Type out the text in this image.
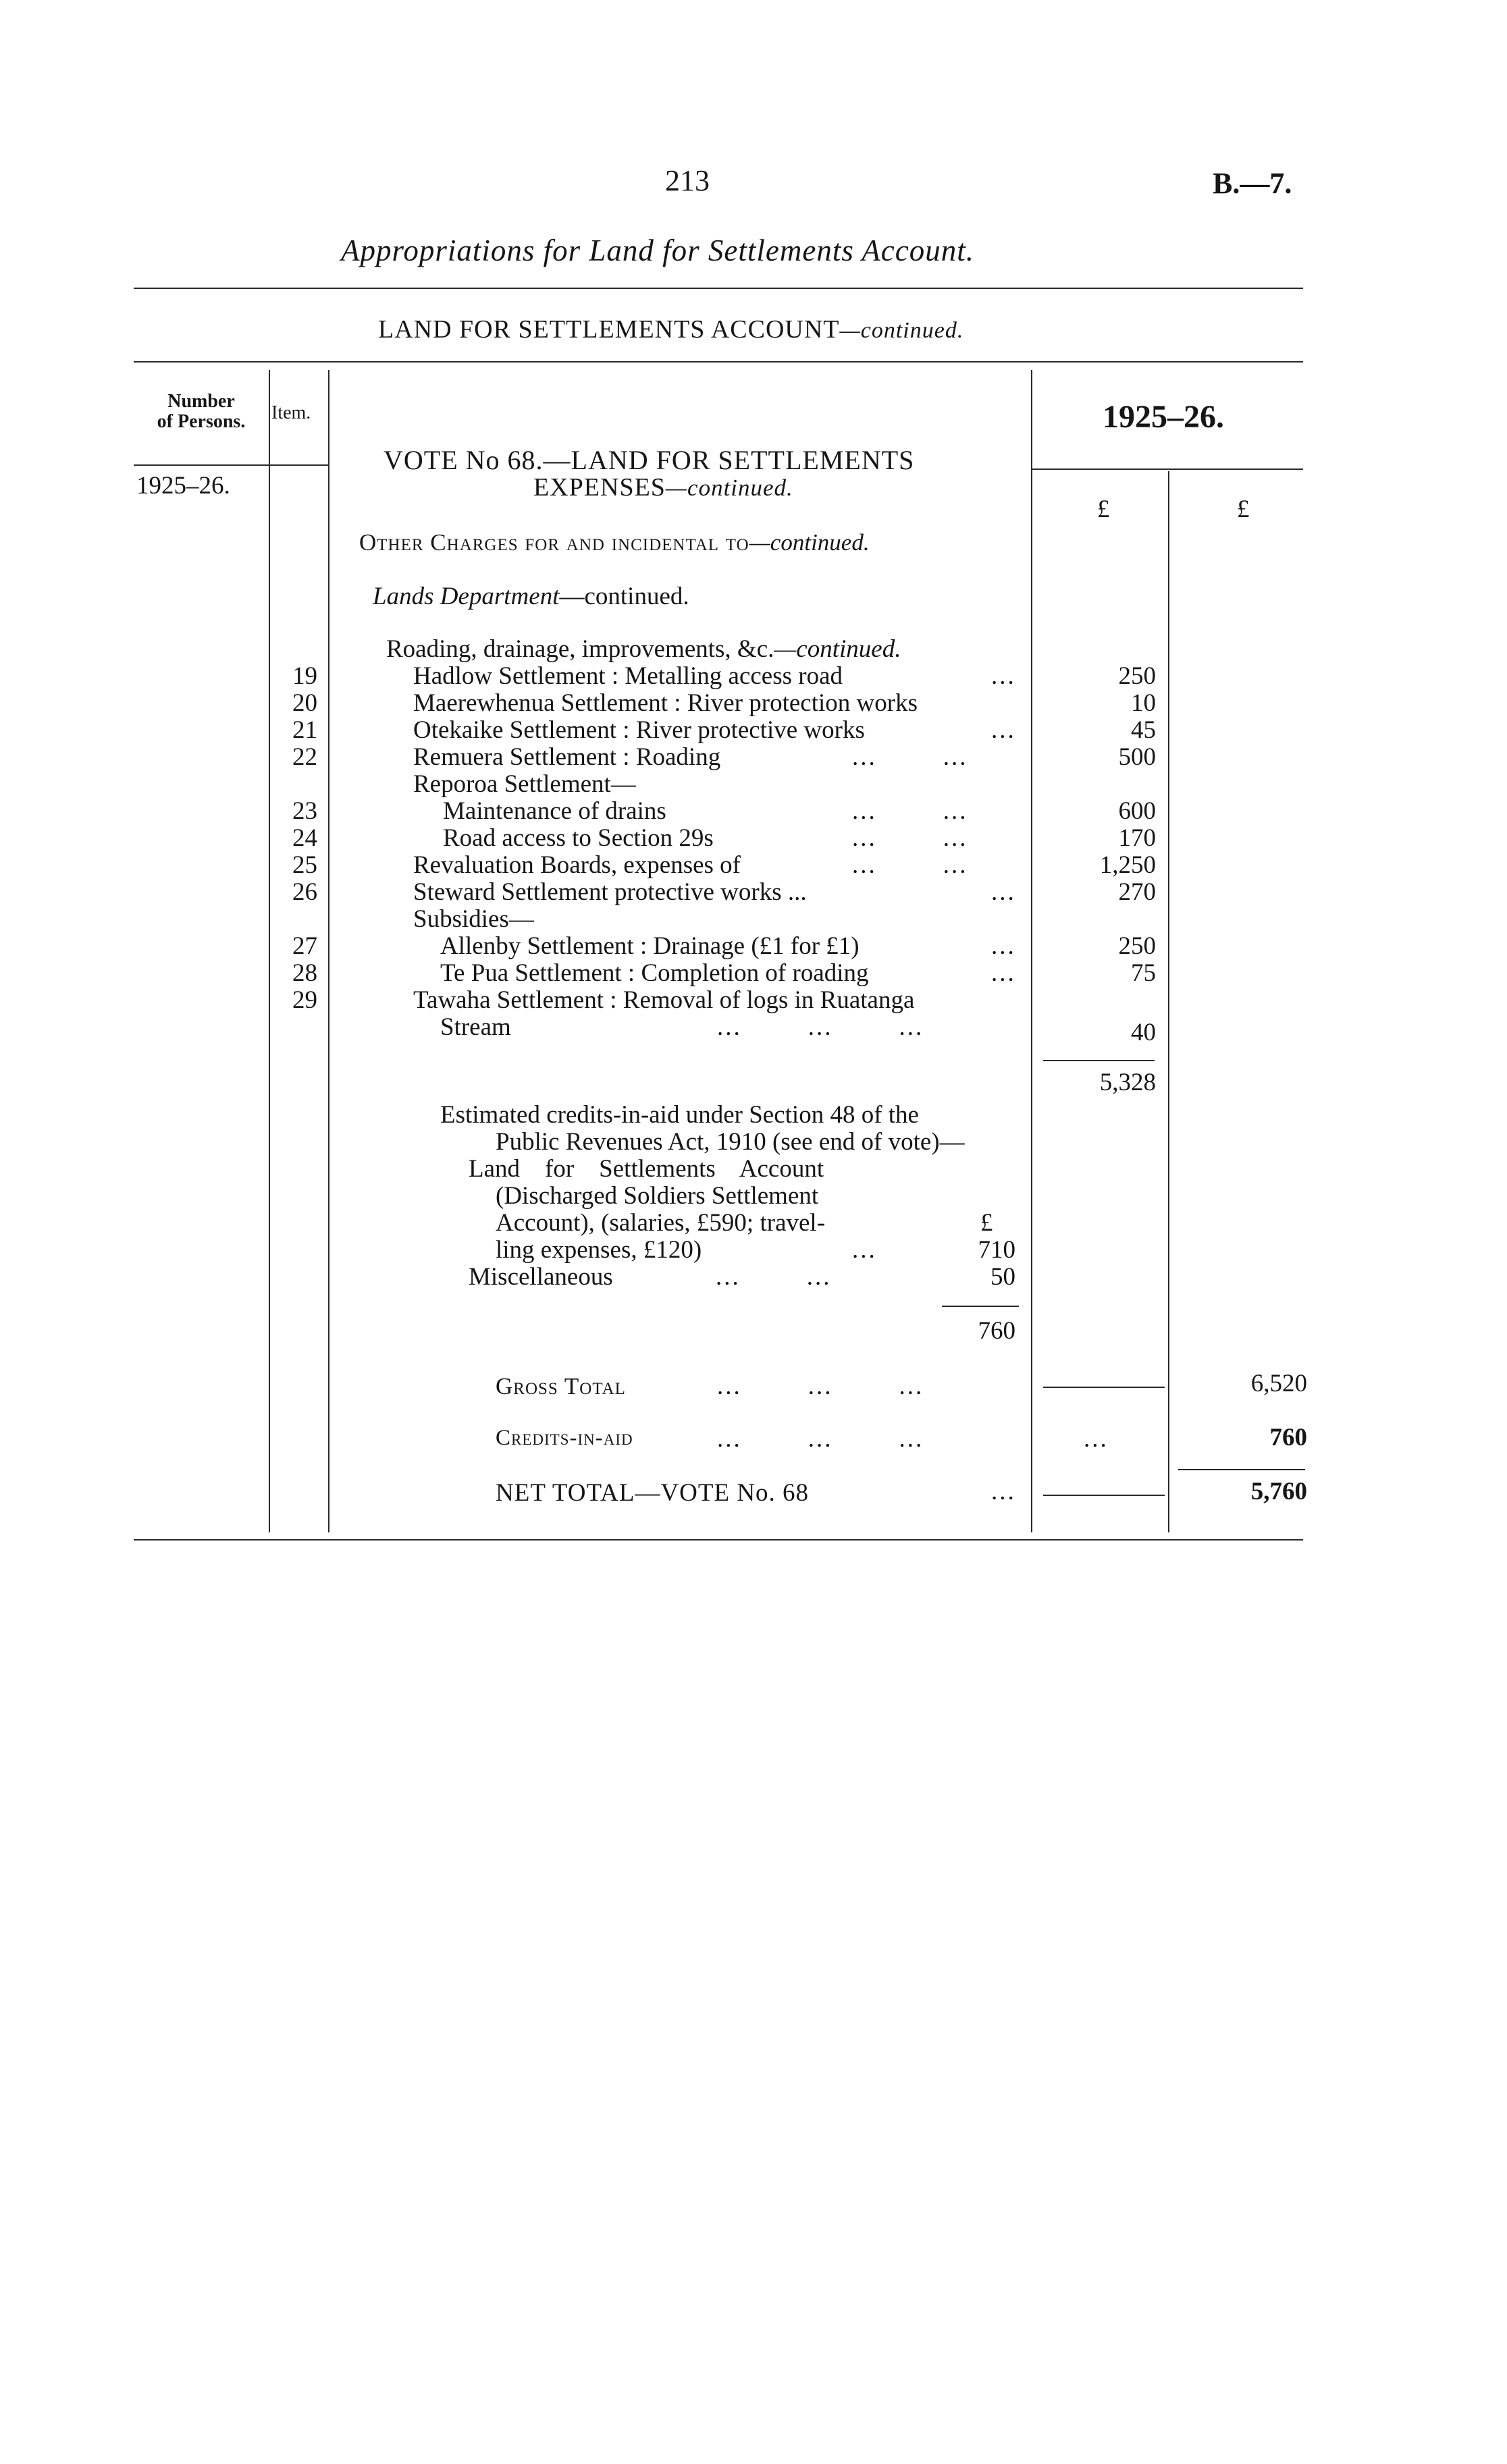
213	B.—7.
Appropriations for Land for Settlements Account.
LAND FOR SETTLEMENTS ACCOUNT—continued.
Number
of Persons.	Item.	1925–26.
1925–26.
£	£
VOTE No 68.—LAND FOR SETTLEMENTS
EXPENSES—continued.
Other Charges for and incidental to—continued.
Lands Department—continued.
Roading, drainage, improvements, &c.—continued.
19	Hadlow Settlement : Metalling access road	...	250
20	Maerewhenua Settlement : River protection works	10
21	Otekaike Settlement : River protective works	...	45
22	Remuera Settlement : Roading	...        ...	500
Reporoa Settlement—
23	Maintenance of drains	...        ...	600
24	Road access to Section 29s	...        ...	170
25	Revaluation Boards, expenses of	...        ...	1,250
26	Steward Settlement protective works ...	...	270
Subsidies—
27	Allenby Settlement : Drainage (£1 for £1)	...	250
28	Te Pua Settlement : Completion of roading	...	75
29	Tawaha Settlement : Removal of logs in Ruatanga
Stream	...        ...        ...	40
5,328
Estimated credits-in-aid under Section 48 of the
Public Revenues Act, 1910 (see end of vote)—
Land    for    Settlements    Account
(Discharged Soldiers Settlement
Account), (salaries, £590; travel-	£
ling expenses, £120)	...	710
Miscellaneous	...        ...	50
760
Gross Total	...        ...        ...	6,520
Credits-in-aid	...        ...        ...	...	760
NET TOTAL—VOTE No. 68	...	5,760
